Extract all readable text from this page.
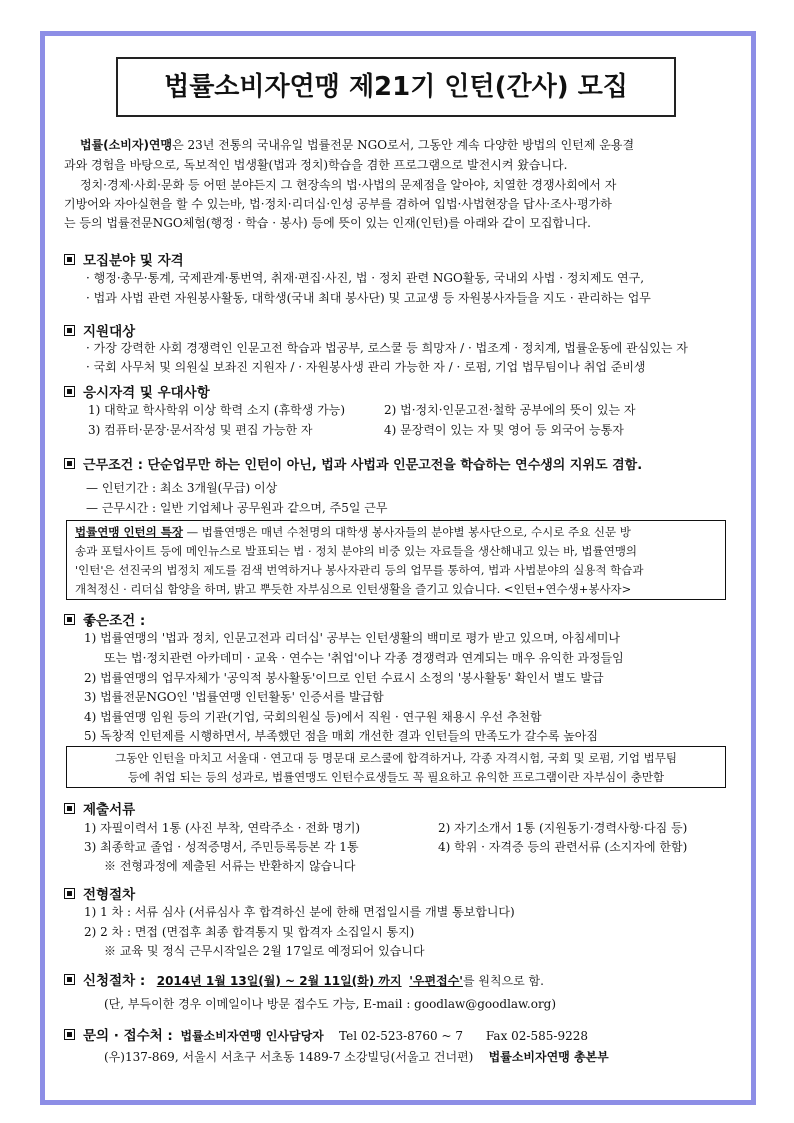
법률소비자연맹 제21기 인턴(간사) 모집
법률(소비자)연맹은 23년 전통의 국내유일 법률전문 NGO로서, 그동안 계속 다양한 방법의 인턴제 운용결
과와 경험을 바탕으로, 독보적인 법생활(법과 정치)학습을 겸한 프로그램으로 발전시켜 왔습니다.
정치·경제·사회·문화 등 어떤 분야든지 그 현장속의 법·사법의 문제점을 알아야, 치열한 경쟁사회에서 자
기방어와 자아실현을 할 수 있는바, 법·정치·리더십·인성 공부를 겸하여 입법·사법현장을 답사·조사·평가하
는 등의 법률전문NGO체험(행정 · 학습 · 봉사) 등에 뜻이 있는 인재(인턴)를 아래와 같이 모집합니다.
모집분야 및 자격
· 행정·총무·통계, 국제관계·통번역, 취재·편집·사진, 법 · 정치 관련 NGO활동, 국내외 사법 · 정치제도 연구,
· 법과 사법 관련 자원봉사활동, 대학생(국내 최대 봉사단) 및 고교생 등 자원봉사자들을 지도 · 관리하는 업무
지원대상
· 가장 강력한 사회 경쟁력인 인문고전 학습과 법공부, 로스쿨 등 희망자 / · 법조계 · 정치계, 법률운동에 관심있는 자
· 국회 사무처 및 의원실 보좌진 지원자 / · 자원봉사생 관리 가능한 자 / · 로펌, 기업 법무팀이나 취업 준비생
응시자격 및 우대사항
1) 대학교 학사학위 이상 학력 소지 (휴학생 가능)	2) 법·정치·인문고전·철학 공부에의 뜻이 있는 자
3) 컴퓨터·문장·문서작성 및 편집 가능한 자	4) 문장력이 있는 자 및 영어 등 외국어 능통자
근무조건 : 단순업무만 하는 인턴이 아닌, 법과 사법과 인문고전을 학습하는 연수생의 지위도 겸함.
— 인턴기간 : 최소 3개월(무급) 이상
— 근무시간 : 일반 기업체나 공무원과 같으며, 주5일 근무
법률연맹 인턴의 특장 — 법률연맹은 매년 수천명의 대학생 봉사자들의 분야별 봉사단으로, 수시로 주요 신문 방
송과 포털사이트 등에 메인뉴스로 발표되는 법 · 정치 분야의 비중 있는 자료들을 생산해내고 있는 바, 법률연맹의
'인턴'은 선진국의 법정치 제도를 검색 번역하거나 봉사자관리 등의 업무를 통하여, 법과 사법분야의 실용적 학습과
개척정신 · 리더십 함양을 하며, 밝고 뿌듯한 자부심으로 인턴생활을 즐기고 있습니다. <인턴+연수생+봉사자>
좋은조건 :
1) 법률연맹의 '법과 정치, 인문고전과 리더십' 공부는 인턴생활의 백미로 평가 받고 있으며, 아침세미나
또는 법·정치관련 아카데미 · 교육 · 연수는 '취업'이나 각종 경쟁력과 연계되는 매우 유익한 과정들임
2) 법률연맹의 업무자체가 '공익적 봉사활동'이므로 인턴 수료시 소정의 '봉사활동' 확인서 별도 발급
3) 법률전문NGO인 '법률연맹 인턴활동' 인증서를 발급함
4) 법률연맹 임원 등의 기관(기업, 국회의원실 등)에서 직원 · 연구원 채용시 우선 추천함
5) 독창적 인턴제를 시행하면서, 부족했던 점을 매회 개선한 결과 인턴들의 만족도가 갈수록 높아짐
그동안 인턴을 마치고 서울대 · 연고대 등 명문대 로스쿨에 합격하거나, 각종 자격시험, 국회 및 로펌, 기업 법무팀
등에 취업 되는 등의 성과로, 법률연맹도 인턴수료생들도 꼭 필요하고 유익한 프로그램이란 자부심이 충만함
제출서류
1) 자필이력서 1통 (사진 부착, 연락주소 · 전화 명기)	2) 자기소개서 1통 (지원동기·경력사항·다짐 등)
3) 최종학교 졸업 · 성적증명서, 주민등록등본 각 1통	4) 학위 · 자격증 등의 관련서류 (소지자에 한함)
※ 전형과정에 제출된 서류는 반환하지 않습니다
전형절차
1) 1 차 : 서류 심사 (서류심사 후 합격하신 분에 한해 면접일시를 개별 통보합니다)
2) 2 차 : 면접 (면접후 최종 합격통지 및 합격자 소집일시 통지)
※ 교육 및 정식 근무시작일은 2월 17일로 예정되어 있습니다
신청절차 : 2014년 1월 13일(월) ~ 2월 11일(화) 까지 '우편접수'를 원칙으로 함.
(단, 부득이한 경우 이메일이나 방문 접수도 가능, E-mail : goodlaw@goodlaw.org)
문의 · 접수처 : 법률소비자연맹 인사담당자 Tel 02-523-8760 ~ 7 Fax 02-585-9228
(우)137-869, 서울시 서초구 서초동 1489-7 소강빌딩(서울고 건너편) 법률소비자연맹 총본부
